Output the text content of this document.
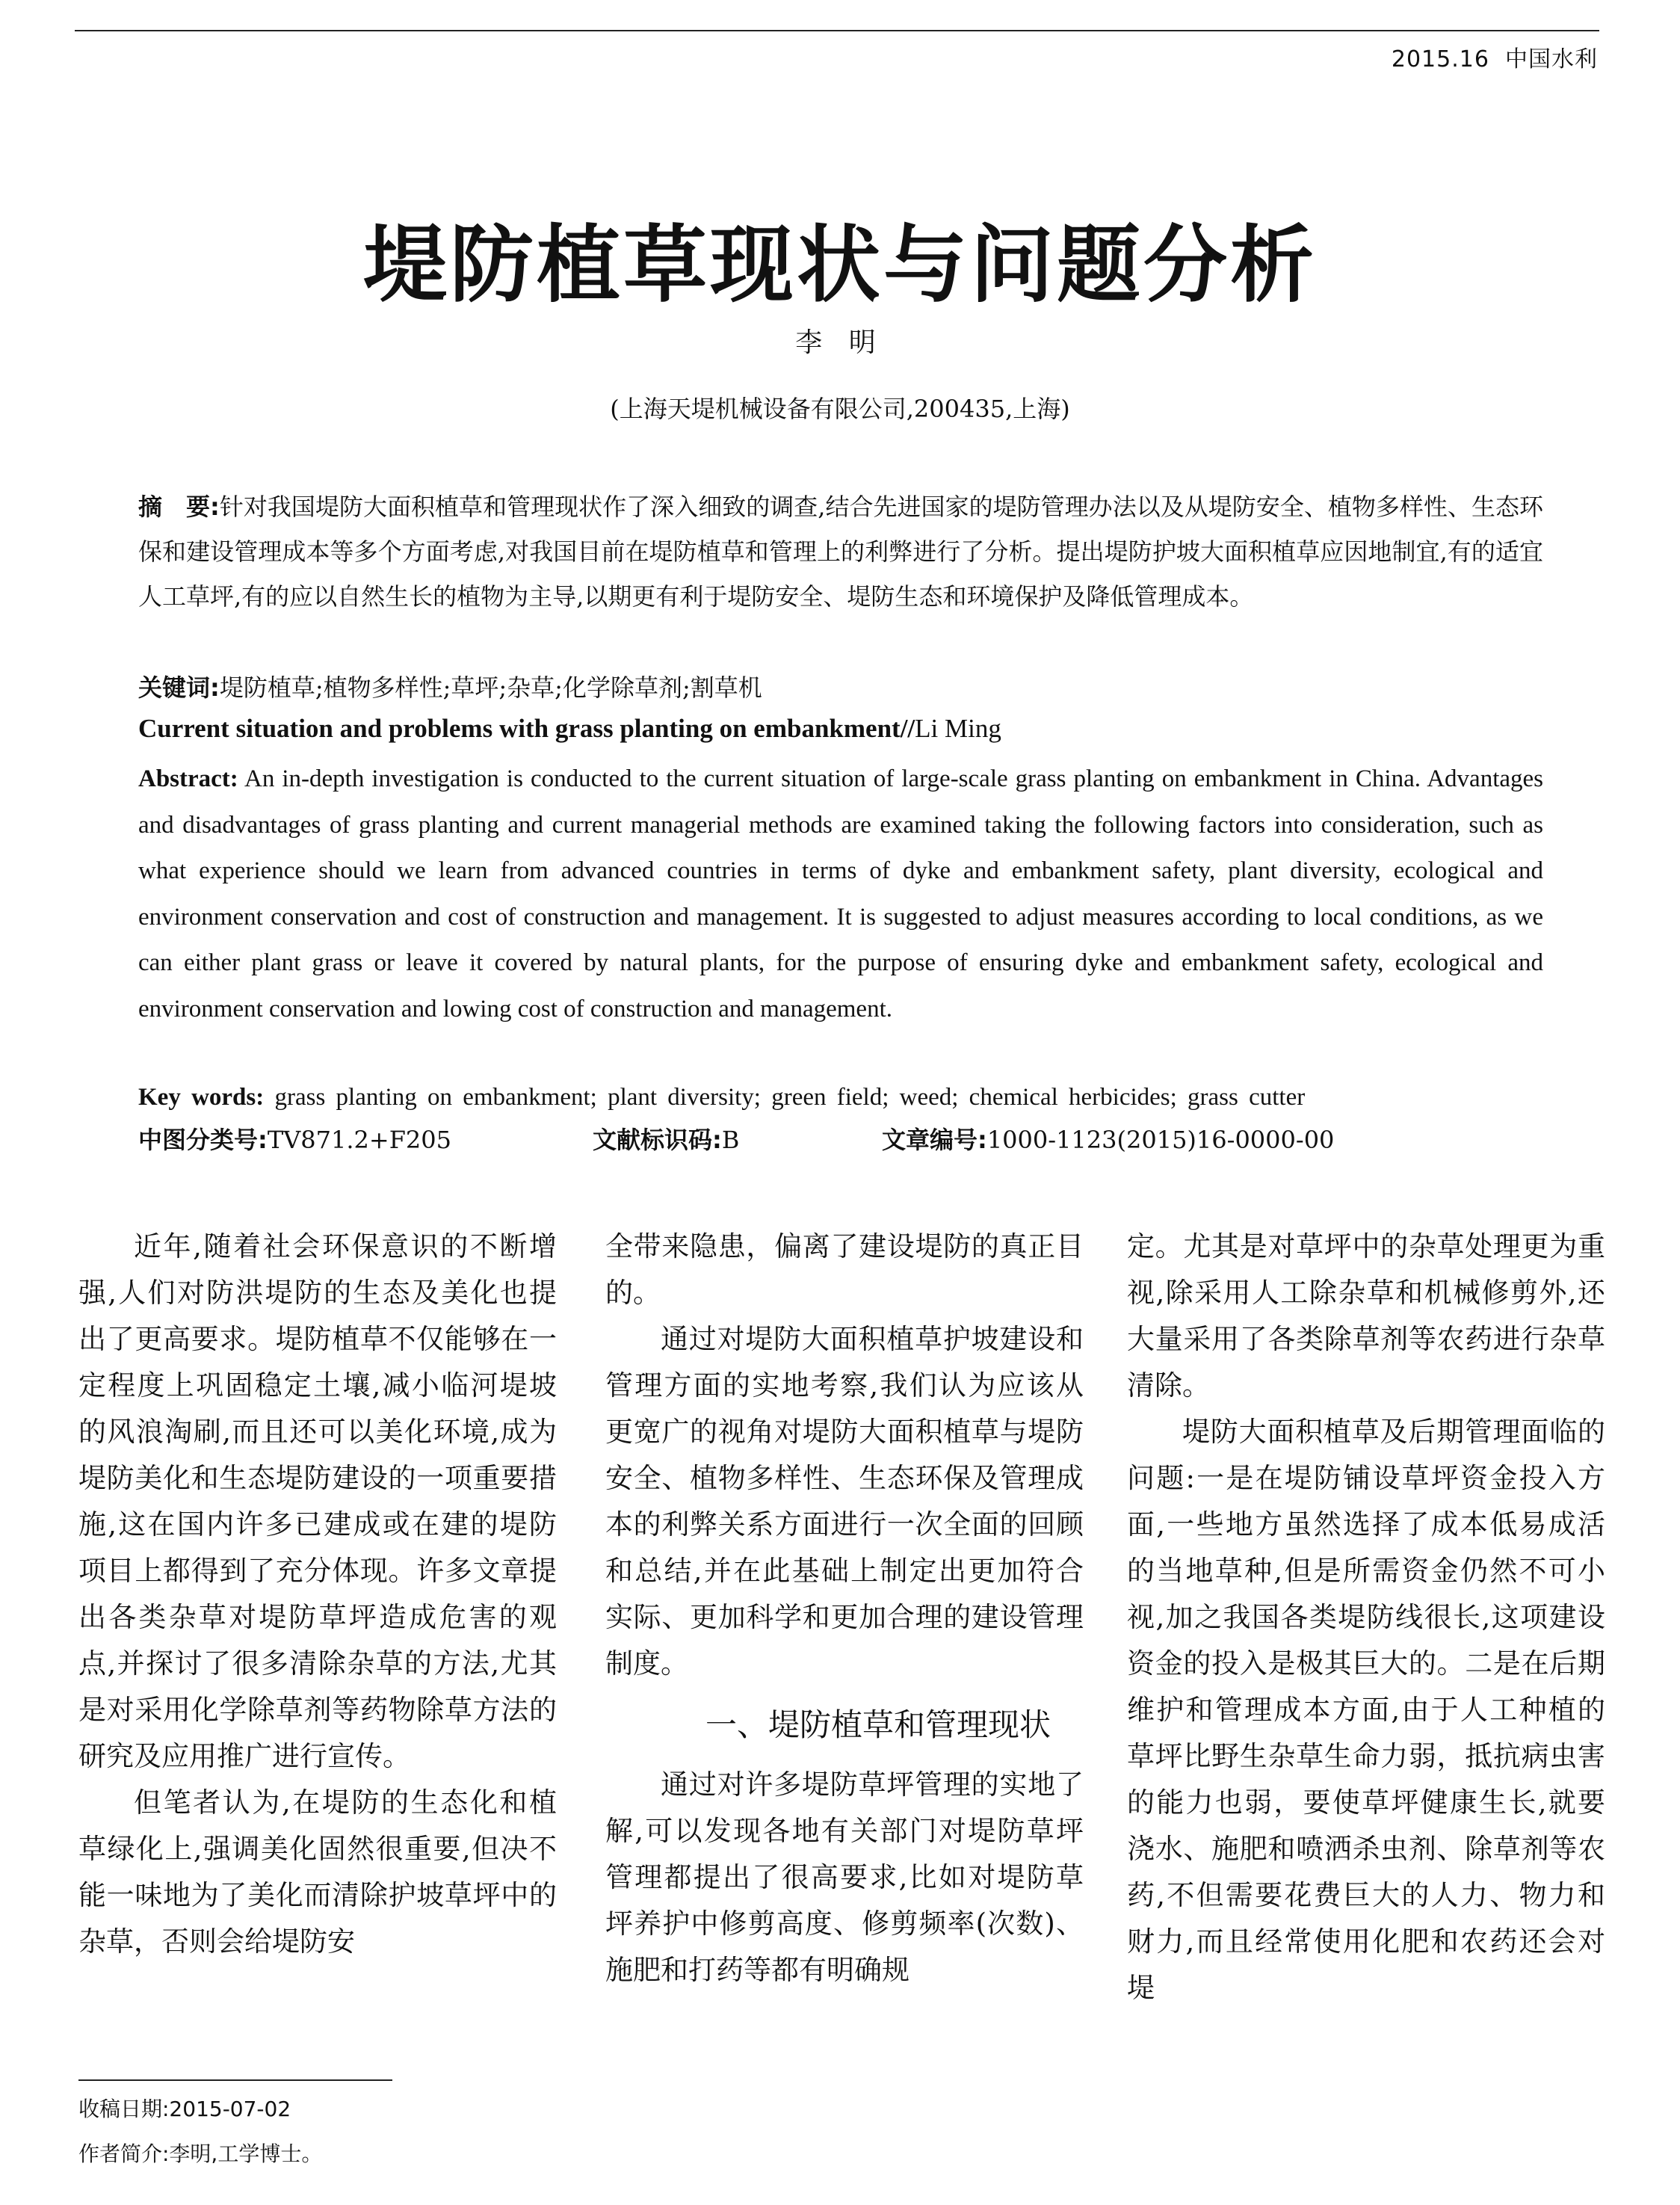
2015.16 中国水利
堤防植草现状与问题分析
李 明
(上海天堤机械设备有限公司,200435,上海)
摘　要:针对我国堤防大面积植草和管理现状作了深入细致的调查,结合先进国家的堤防管理办法以及从堤防安全、植物多样性、生态环保和建设管理成本等多个方面考虑,对我国目前在堤防植草和管理上的利弊进行了分析。提出堤防护坡大面积植草应因地制宜,有的适宜人工草坪,有的应以自然生长的植物为主导,以期更有利于堤防安全、堤防生态和环境保护及降低管理成本。
关键词:堤防植草;植物多样性;草坪;杂草;化学除草剂;割草机
Current situation and problems with grass planting on embankment//Li Ming
Abstract: An in-depth investigation is conducted to the current situation of large-scale grass planting on embankment in China. Advantages and disadvantages of grass planting and current managerial methods are examined taking the following factors into consideration, such as what experience should we learn from advanced countries in terms of dyke and embankment safety, plant diversity, ecological and environment conservation and cost of construction and management. It is suggested to adjust measures according to local conditions, as we can either plant grass or leave it covered by natural plants, for the purpose of ensuring dyke and embankment safety, ecological and environment conservation and lowing cost of construction and management.
Key words: grass planting on embankment; plant diversity; green field; weed; chemical herbicides; grass cutter
中图分类号:TV871.2+F205	文献标识码:B	文章编号:1000-1123(2015)16-0000-00

近年,随着社会环保意识的不断增强,人们对防洪堤防的生态及美化也提出了更高要求。堤防植草不仅能够在一定程度上巩固稳定土壤,减小临河堤坡的风浪淘刷,而且还可以美化环境,成为堤防美化和生态堤防建设的一项重要措施,这在国内许多已建成或在建的堤防项目上都得到了充分体现。许多文章提出各类杂草对堤防草坪造成危害的观点,并探讨了很多清除杂草的方法,尤其是对采用化学除草剂等药物除草方法的研究及应用推广进行宣传。

但笔者认为,在堤防的生态化和植草绿化上,强调美化固然很重要,但决不能一味地为了美化而清除护坡草坪中的杂草，否则会给堤防安

全带来隐患，偏离了建设堤防的真正目的。

通过对堤防大面积植草护坡建设和管理方面的实地考察,我们认为应该从更宽广的视角对堤防大面积植草与堤防安全、植物多样性、生态环保及管理成本的利弊关系方面进行一次全面的回顾和总结,并在此基础上制定出更加符合实际、更加科学和更加合理的建设管理制度。

一、堤防植草和管理现状

通过对许多堤防草坪管理的实地了解,可以发现各地有关部门对堤防草坪管理都提出了很高要求,比如对堤防草坪养护中修剪高度、修剪频率(次数)、施肥和打药等都有明确规

定。尤其是对草坪中的杂草处理更为重视,除采用人工除杂草和机械修剪外,还大量采用了各类除草剂等农药进行杂草清除。

堤防大面积植草及后期管理面临的问题:一是在堤防铺设草坪资金投入方面,一些地方虽然选择了成本低易成活的当地草种,但是所需资金仍然不可小视,加之我国各类堤防线很长,这项建设资金的投入是极其巨大的。二是在后期维护和管理成本方面,由于人工种植的草坪比野生杂草生命力弱，抵抗病虫害的能力也弱，要使草坪健康生长,就要浇水、施肥和喷洒杀虫剂、除草剂等农药,不但需要花费巨大的人力、物力和财力,而且经常使用化肥和农药还会对堤

收稿日期:2015-07-02
作者简介:李明,工学博士。
